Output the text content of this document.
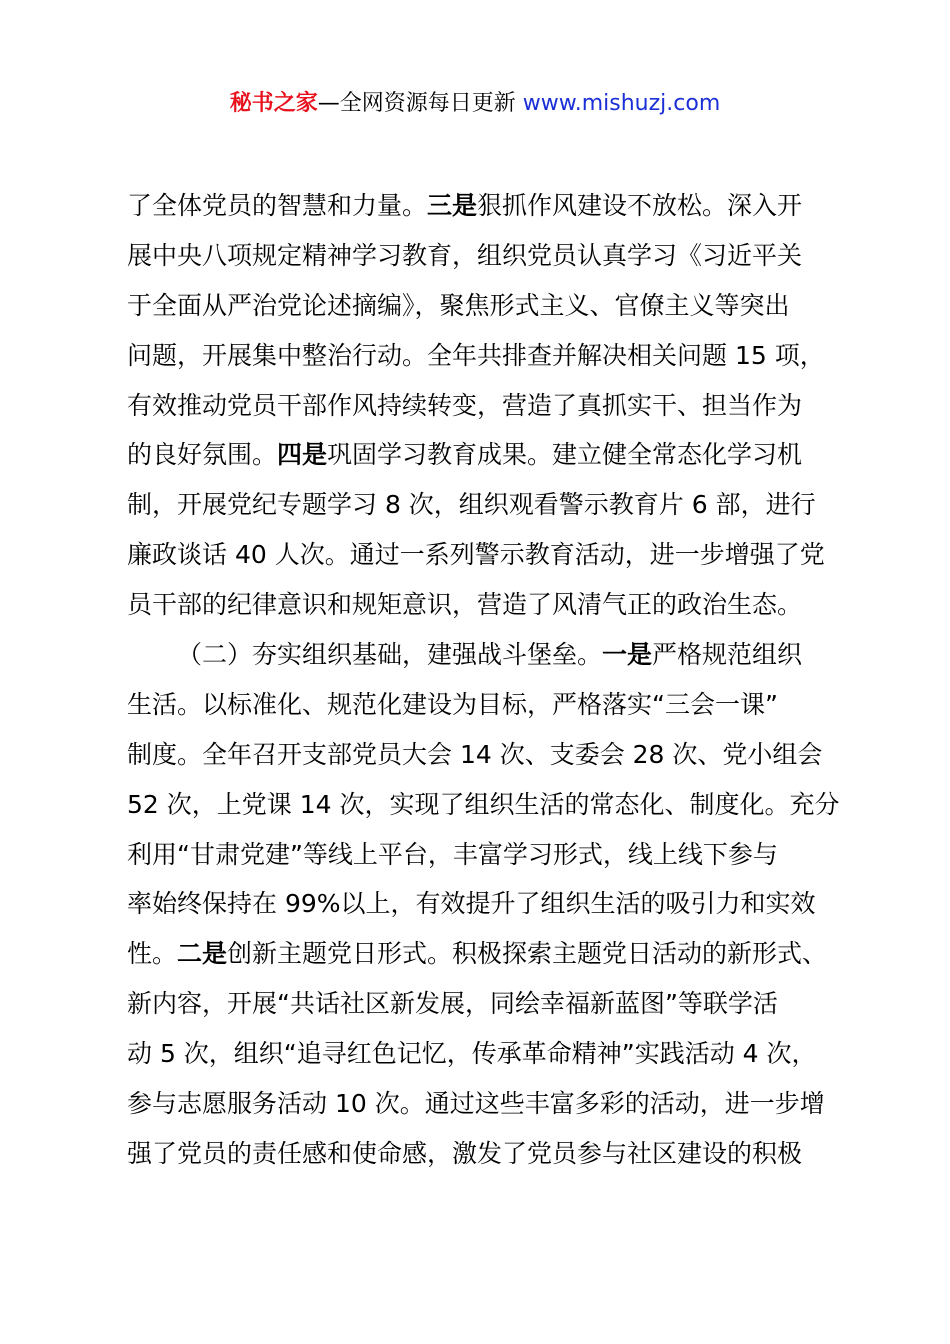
秘书之家—全网资源每日更新 www.mishuzj.com
了全体党员的智慧和力量。三是狠抓作风建设不放松。深入开
展中央八项规定精神学习教育，组织党员认真学习《习近平关
于全面从严治党论述摘编》，聚焦形式主义、官僚主义等突出
问题，开展集中整治行动。全年共排查并解决相关问题 15 项，
有效推动党员干部作风持续转变，营造了真抓实干、担当作为
的良好氛围。四是巩固学习教育成果。建立健全常态化学习机
制，开展党纪专题学习 8 次，组织观看警示教育片 6 部，进行
廉政谈话 40 人次。通过一系列警示教育活动，进一步增强了党
员干部的纪律意识和规矩意识，营造了风清气正的政治生态。
（二）夯实组织基础，建强战斗堡垒。一是严格规范组织
生活。以标准化、规范化建设为目标，严格落实“三会一课”
制度。全年召开支部党员大会 14 次、支委会 28 次、党小组会
52 次，上党课 14 次，实现了组织生活的常态化、制度化。充分
利用“甘肃党建”等线上平台，丰富学习形式，线上线下参与
率始终保持在 99%以上，有效提升了组织生活的吸引力和实效
性。二是创新主题党日形式。积极探索主题党日活动的新形式、
新内容，开展“共话社区新发展，同绘幸福新蓝图”等联学活
动 5 次，组织“追寻红色记忆，传承革命精神”实践活动 4 次，
参与志愿服务活动 10 次。通过这些丰富多彩的活动，进一步增
强了党员的责任感和使命感，激发了党员参与社区建设的积极
